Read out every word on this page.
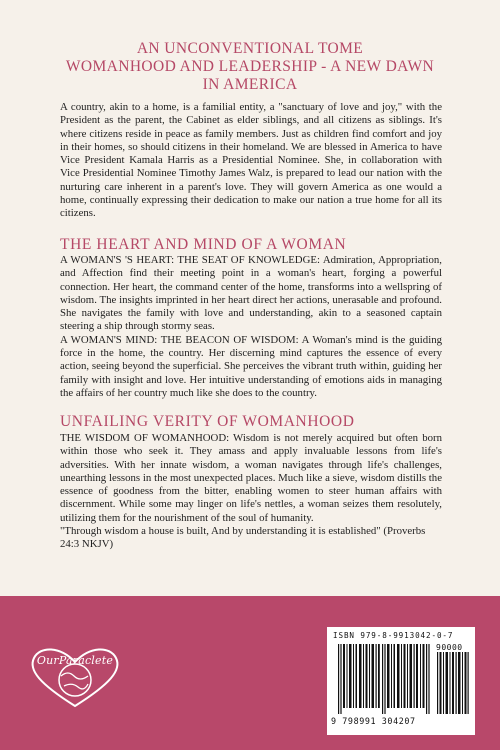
AN UNCONVENTIONAL TOME
WOMANHOOD AND LEADERSHIP - A NEW DAWN
IN AMERICA

A country, akin to a home, is a familial entity, a "sanctuary of love and joy," with the President as the parent, the Cabinet as elder siblings, and all citizens as siblings. It's where citizens reside in peace as family members. Just as children find comfort and joy in their homes, so should citizens in their homeland. We are blessed in America to have Vice President Kamala Harris as a Presidential Nominee. She, in collaboration with Vice Presidential Nominee Timothy James Walz, is prepared to lead our nation with the nurturing care inherent in a parent's love. They will govern America as one would a home, continually expressing their dedication to make our nation a true home for all its citizens.

THE HEART AND MIND OF A WOMAN

A WOMAN'S 'S HEART: THE SEAT OF KNOWLEDGE: Admiration, Appropriation, and Affection find their meeting point in a woman's heart, forging a powerful connection. Her heart, the command center of the home, transforms into a wellspring of wisdom. The insights imprinted in her heart direct her actions, unerasable and profound. She navigates the family with love and understanding, akin to a seasoned captain steering a ship through stormy seas.

A WOMAN'S MIND: THE BEACON OF WISDOM: A Woman's mind is the guiding force in the home, the country. Her discerning mind captures the essence of every action, seeing beyond the superficial. She perceives the vibrant truth within, guiding her family with insight and love. Her intuitive understanding of emotions aids in managing the affairs of her country much like she does to the country.

UNFAILING VERITY OF WOMANHOOD

THE WISDOM OF WOMANHOOD: Wisdom is not merely acquired but often born within those who seek it. They amass and apply invaluable lessons from life's adversities. With her innate wisdom, a woman navigates through life's challenges, unearthing lessons in the most unexpected places. Much like a sieve, wisdom distills the essence of goodness from the bitter, enabling women to steer human affairs with discernment. While some may linger on life's nettles, a woman seizes them resolutely, utilizing them for the nourishment of the soul of humanity.

"Through wisdom a house is built, And by understanding it is established" (Proverbs 24:3 NKJV)

OurParaclete
ISBN 979-8-9913042-0-7
90000
9 798991 304207
